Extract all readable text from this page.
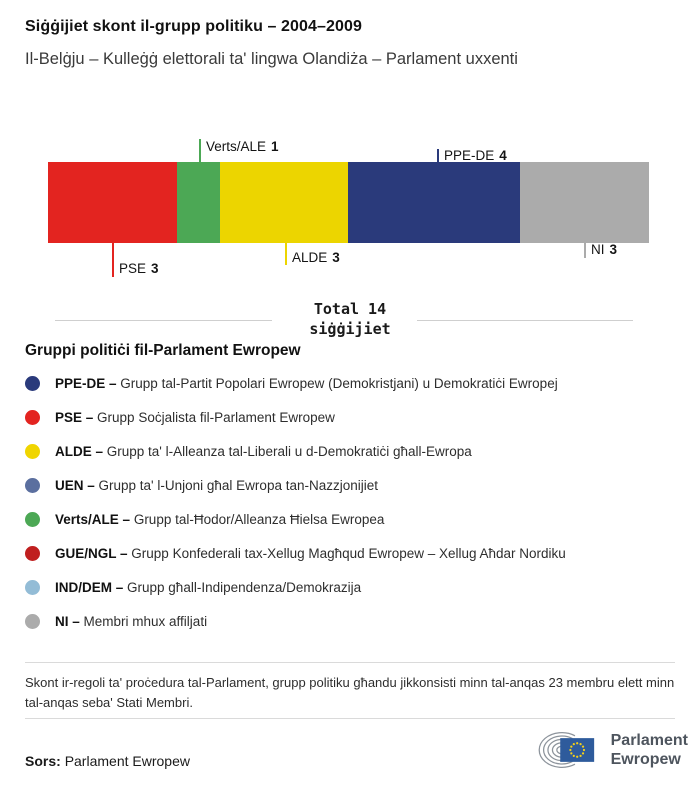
Siġġijiet skont il-grupp politiku – 2004–2009
Il-Belġju – Kulleġġ elettorali ta' lingwa Olandiża – Parlament uxxenti
Verts/ALE 1
PPE-DE 4
PSE 3
ALDE 3
NI 3
Total 14
siġġijiet
Gruppi politiċi fil-Parlament Ewropew
PPE-DE – Grupp tal-Partit Popolari Ewropew (Demokristjani) u Demokratiċi Ewropej
PSE – Grupp Soċjalista fil-Parlament Ewropew
ALDE – Grupp ta' l-Alleanza tal-Liberali u d-Demokratiċi għall-Ewropa
UEN – Grupp ta' l-Unjoni għal Ewropa tan-Nazzjonijiet
Verts/ALE – Grupp tal-Ħodor/Alleanza Ħielsa Ewropea
GUE/NGL – Grupp Konfederali tax-Xellug Magħqud Ewropew – Xellug Aħdar Nordiku
IND/DEM – Grupp għall-Indipendenza/Demokrazija
NI – Membri mhux affiljati
Skont ir-regoli ta' proċedura tal-Parlament, grupp politiku għandu jikkonsisti minn tal-anqas 23 membru elett minn tal-anqas seba' Stati Membri.
Sors: Parlament Ewropew
Parlament
Ewropew
